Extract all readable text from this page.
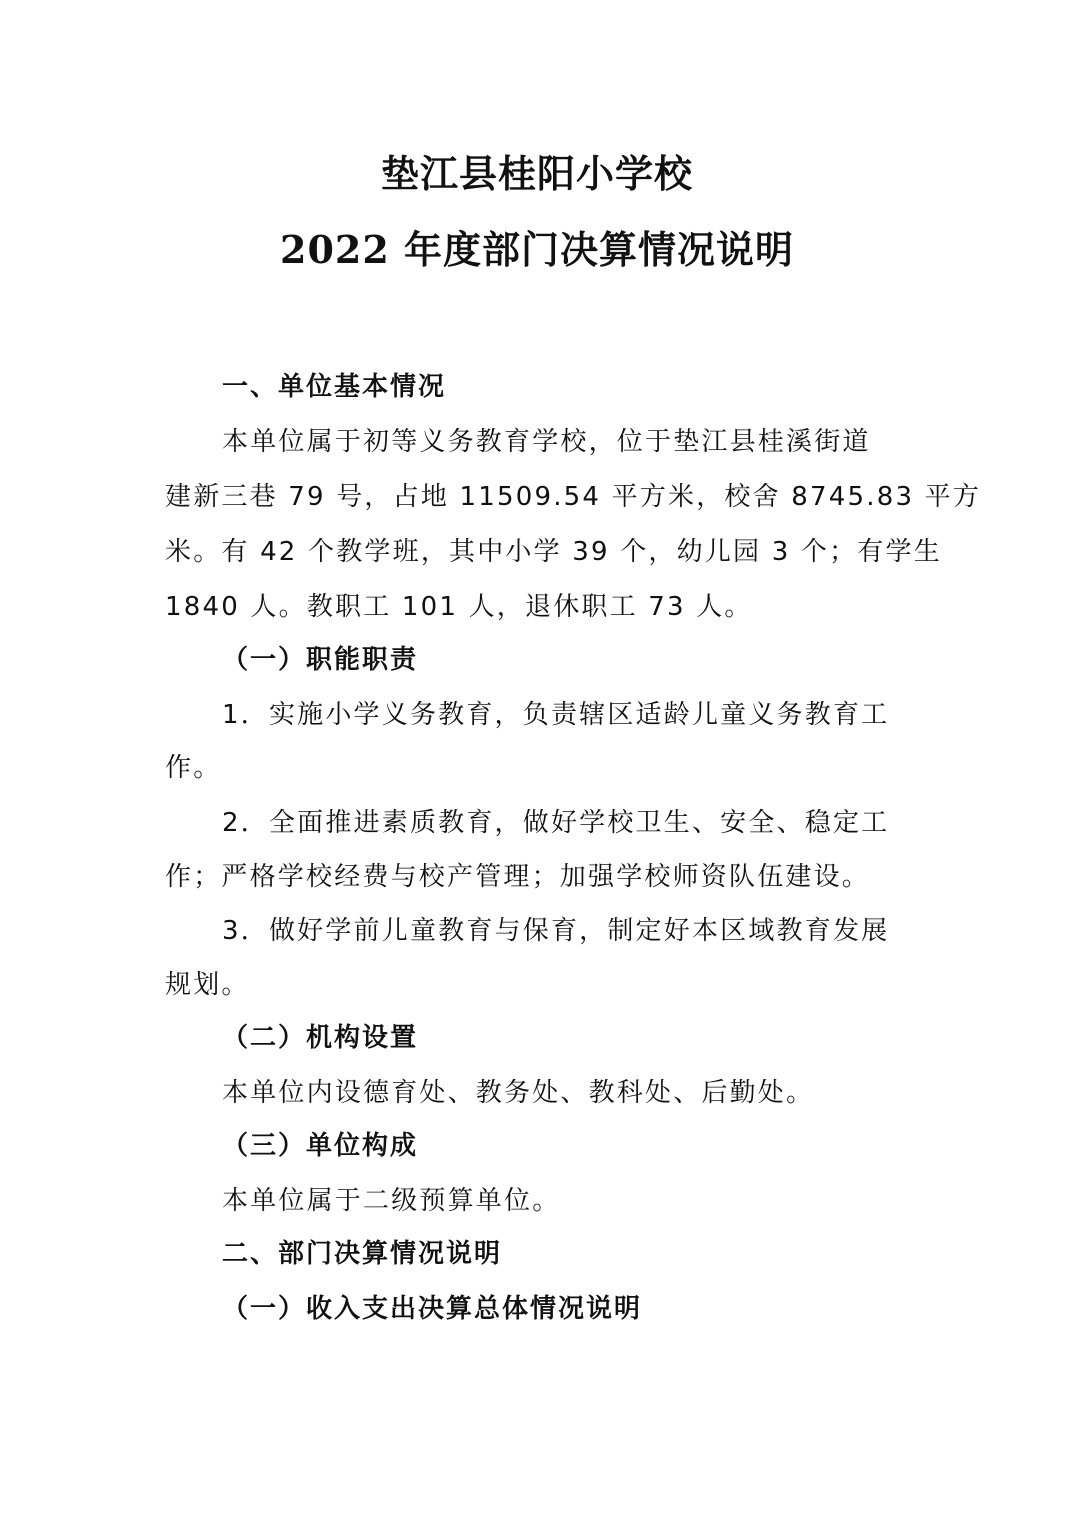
垫江县桂阳小学校
2022 年度部门决算情况说明
一、单位基本情况
本单位属于初等义务教育学校，位于垫江县桂溪街道
建新三巷 79 号，占地 11509.54 平方米，校舍 8745.83 平方
米。有 42 个教学班，其中小学 39 个，幼儿园 3 个；有学生
1840 人。教职工 101 人，退休职工 73 人。
（一）职能职责
1．实施小学义务教育，负责辖区适龄儿童义务教育工
作。
2．全面推进素质教育，做好学校卫生、安全、稳定工
作；严格学校经费与校产管理；加强学校师资队伍建设。
3．做好学前儿童教育与保育，制定好本区域教育发展
规划。
（二）机构设置
本单位内设德育处、教务处、教科处、后勤处。
（三）单位构成
本单位属于二级预算单位。
二、部门决算情况说明
（一）收入支出决算总体情况说明
